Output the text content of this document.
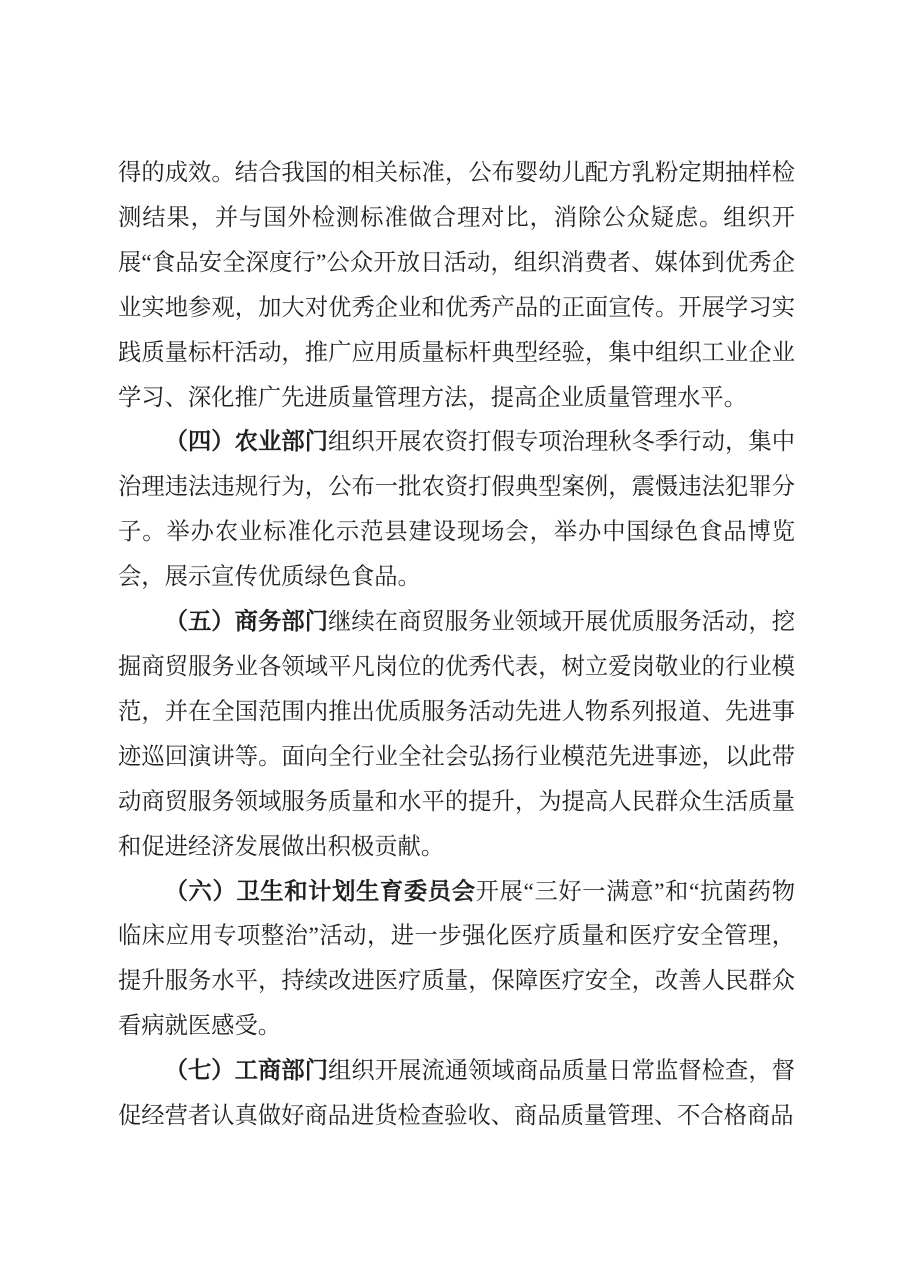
得的成效。结合我国的相关标准，公布婴幼儿配方乳粉定期抽样检测结果，并与国外检测标准做合理对比，消除公众疑虑。组织开展“食品安全深度行”公众开放日活动，组织消费者、媒体到优秀企业实地参观，加大对优秀企业和优秀产品的正面宣传。开展学习实践质量标杆活动，推广应用质量标杆典型经验，集中组织工业企业学习、深化推广先进质量管理方法，提高企业质量管理水平。

（四）农业部门组织开展农资打假专项治理秋冬季行动，集中治理违法违规行为，公布一批农资打假典型案例，震慑违法犯罪分子。举办农业标准化示范县建设现场会，举办中国绿色食品博览会，展示宣传优质绿色食品。

（五）商务部门继续在商贸服务业领域开展优质服务活动，挖掘商贸服务业各领域平凡岗位的优秀代表，树立爱岗敬业的行业模范，并在全国范围内推出优质服务活动先进人物系列报道、先进事迹巡回演讲等。面向全行业全社会弘扬行业模范先进事迹，以此带动商贸服务领域服务质量和水平的提升，为提高人民群众生活质量和促进经济发展做出积极贡献。

（六）卫生和计划生育委员会开展“三好一满意”和“抗菌药物临床应用专项整治”活动，进一步强化医疗质量和医疗安全管理，提升服务水平，持续改进医疗质量，保障医疗安全，改善人民群众看病就医感受。

（七）工商部门组织开展流通领域商品质量日常监督检查，督促经营者认真做好商品进货检查验收、商品质量管理、不合格商品
